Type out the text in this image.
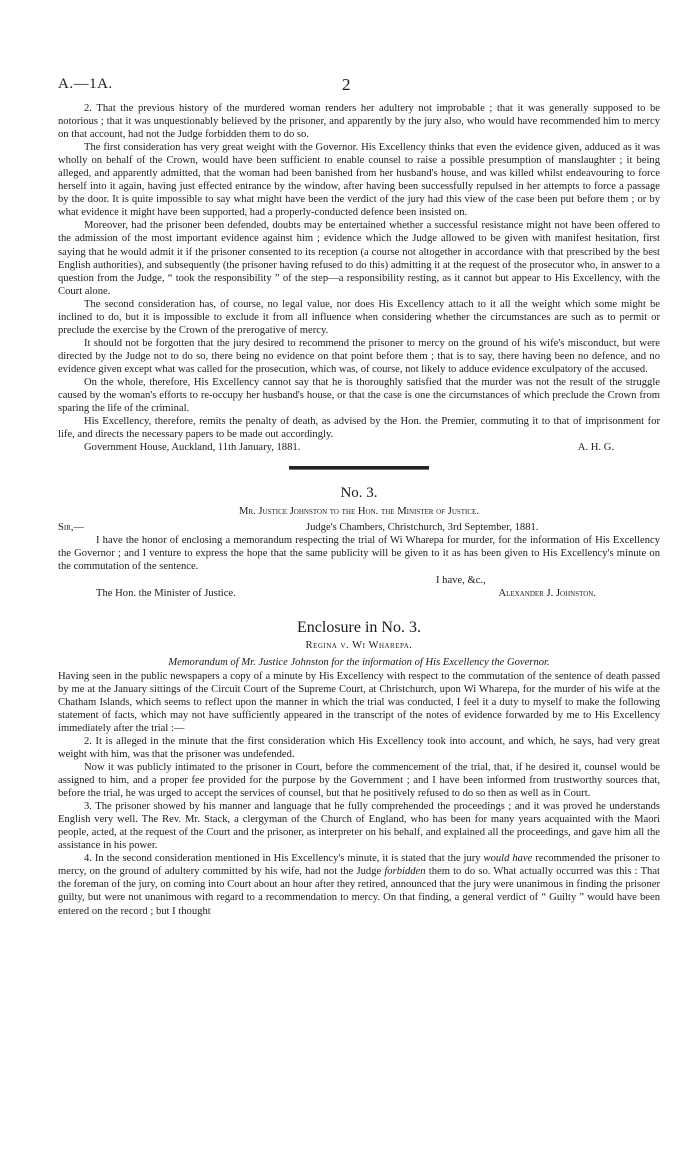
A.—1A.	2

2. That the previous history of the murdered woman renders her adultery not improbable ; that it was generally supposed to be notorious ; that it was unquestionably believed by the prisoner, and apparently by the jury also, who would have recommended him to mercy on that account, had not the Judge forbidden them to do so.

The first consideration has very great weight with the Governor. His Excellency thinks that even the evidence given, adduced as it was wholly on behalf of the Crown, would have been sufficient to enable counsel to raise a possible presumption of manslaughter ; it being alleged, and apparently admitted, that the woman had been banished from her husband's house, and was killed whilst endeavouring to force herself into it again, having just effected entrance by the window, after having been successfully repulsed in her attempts to force a passage by the door. It is quite impossible to say what might have been the verdict of the jury had this view of the case been put before them ; or by what evidence it might have been supported, had a properly-conducted defence been insisted on.

Moreover, had the prisoner been defended, doubts may be entertained whether a successful resistance might not have been offered to the admission of the most important evidence against him ; evidence which the Judge allowed to be given with manifest hesitation, first saying that he would admit it if the prisoner consented to its reception (a course not altogether in accordance with that prescribed by the best English authorities), and subsequently (the prisoner having refused to do this) admitting it at the request of the prosecutor who, in answer to a question from the Judge, “ took the responsibility ” of the step—a responsibility resting, as it cannot but appear to His Excellency, with the Court alone.

The second consideration has, of course, no legal value, nor does His Excellency attach to it all the weight which some might be inclined to do, but it is impossible to exclude it from all influence when considering whether the circumstances are such as to permit or preclude the exercise by the Crown of the prerogative of mercy.

It should not be forgotten that the jury desired to recommend the prisoner to mercy on the ground of his wife's misconduct, but were directed by the Judge not to do so, there being no evidence on that point before them ; that is to say, there having been no defence, and no evidence given except what was called for the prosecution, which was, of course, not likely to adduce evidence exculpatory of the accused.

On the whole, therefore, His Excellency cannot say that he is thoroughly satisfied that the murder was not the result of the struggle caused by the woman's efforts to re-occupy her husband's house, or that the case is one the circumstances of which preclude the Crown from sparing the life of the criminal.

His Excellency, therefore, remits the penalty of death, as advised by the Hon. the Premier, commuting it to that of imprisonment for life, and directs the necessary papers to be made out accordingly.

Government House, Auckland, 11th January, 1881.	A. H. G.
No. 3.
Mr. Justice Johnston to the Hon. the Minister of Justice.
Sir,—	Judge's Chambers, Christchurch, 3rd September, 1881.

I have the honor of enclosing a memorandum respecting the trial of Wi Wharepa for murder, for the information of His Excellency the Governor ; and I venture to express the hope that the same publicity will be given to it as has been given to His Excellency's minute on the commutation of the sentence.

I have, &c.,
The Hon. the Minister of Justice.	Alexander J. Johnston.
Enclosure in No. 3.
Regina v. Wi Wharepa.
Memorandum of Mr. Justice Johnston for the information of His Excellency the Governor.

Having seen in the public newspapers a copy of a minute by His Excellency with respect to the commutation of the sentence of death passed by me at the January sittings of the Circuit Court of the Supreme Court, at Christchurch, upon Wi Wharepa, for the murder of his wife at the Chatham Islands, which seems to reflect upon the manner in which the trial was conducted, I feel it a duty to myself to make the following statement of facts, which may not have sufficiently appeared in the transcript of the notes of evidence forwarded by me to His Excellency immediately after the trial :—

2. It is alleged in the minute that the first consideration which His Excellency took into account, and which, he says, had very great weight with him, was that the prisoner was undefended.

Now it was publicly intimated to the prisoner in Court, before the commencement of the trial, that, if he desired it, counsel would be assigned to him, and a proper fee provided for the purpose by the Government ; and I have been informed from trustworthy sources that, before the trial, he was urged to accept the services of counsel, but that he positively refused to do so then as well as in Court.

3. The prisoner showed by his manner and language that he fully comprehended the proceedings ; and it was proved he understands English very well. The Rev. Mr. Stack, a clergyman of the Church of England, who has been for many years acquainted with the Maori people, acted, at the request of the Court and the prisoner, as interpreter on his behalf, and explained all the proceedings, and gave him all the assistance in his power.

4. In the second consideration mentioned in His Excellency's minute, it is stated that the jury would have recommended the prisoner to mercy, on the ground of adultery committed by his wife, had not the Judge forbidden them to do so. What actually occurred was this : That the foreman of the jury, on coming into Court about an hour after they retired, announced that the jury were unanimous in finding the prisoner guilty, but were not unanimous with regard to a recommendation to mercy. On that finding, a general verdict of “ Guilty ” would have been entered on the record ; but I thought
